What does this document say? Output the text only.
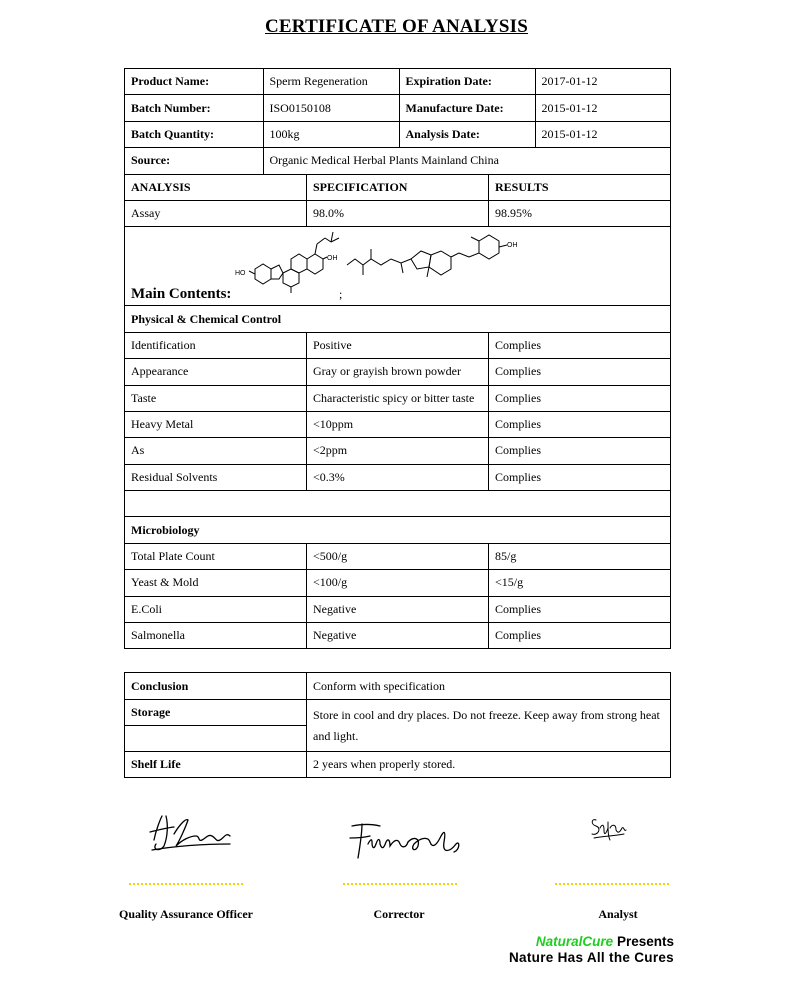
CERTIFICATE OF ANALYSIS
Product Name:	Sperm Regeneration	Expiration Date:	2017-01-12

Batch Number:	ISO0150108	Manufacture Date:	2015-01-12

Batch Quantity:	100kg	Analysis Date:	2015-01-12

Source:	Organic Medical Herbal Plants Mainland China

ANALYSIS	SPECIFICATION	RESULTS
Assay	98.0%	98.95%

HO
OH
OH
Main Contents:	;

Physical & Chemical Control
Identification	Positive	Complies
Appearance	Gray or grayish brown powder	Complies
Taste	Characteristic spicy or bitter taste	Complies
Heavy Metal	<10ppm	Complies
As	<2ppm	Complies
Residual Solvents	<0.3%	Complies

Microbiology
Total Plate Count	<500/g	85/g
Yeast & Mold	<100/g	<15/g
E.Coli	Negative	Complies
Salmonella	Negative	Complies
Conclusion	Conform with specification
Storage	Store in cool and dry places. Do not freeze. Keep away from strong heat
and light.

Shelf Life	2 years when properly stored.
Quality Assurance Officer	Corrector	Analyst
NaturalCure Presents
Nature Has All the Cures
